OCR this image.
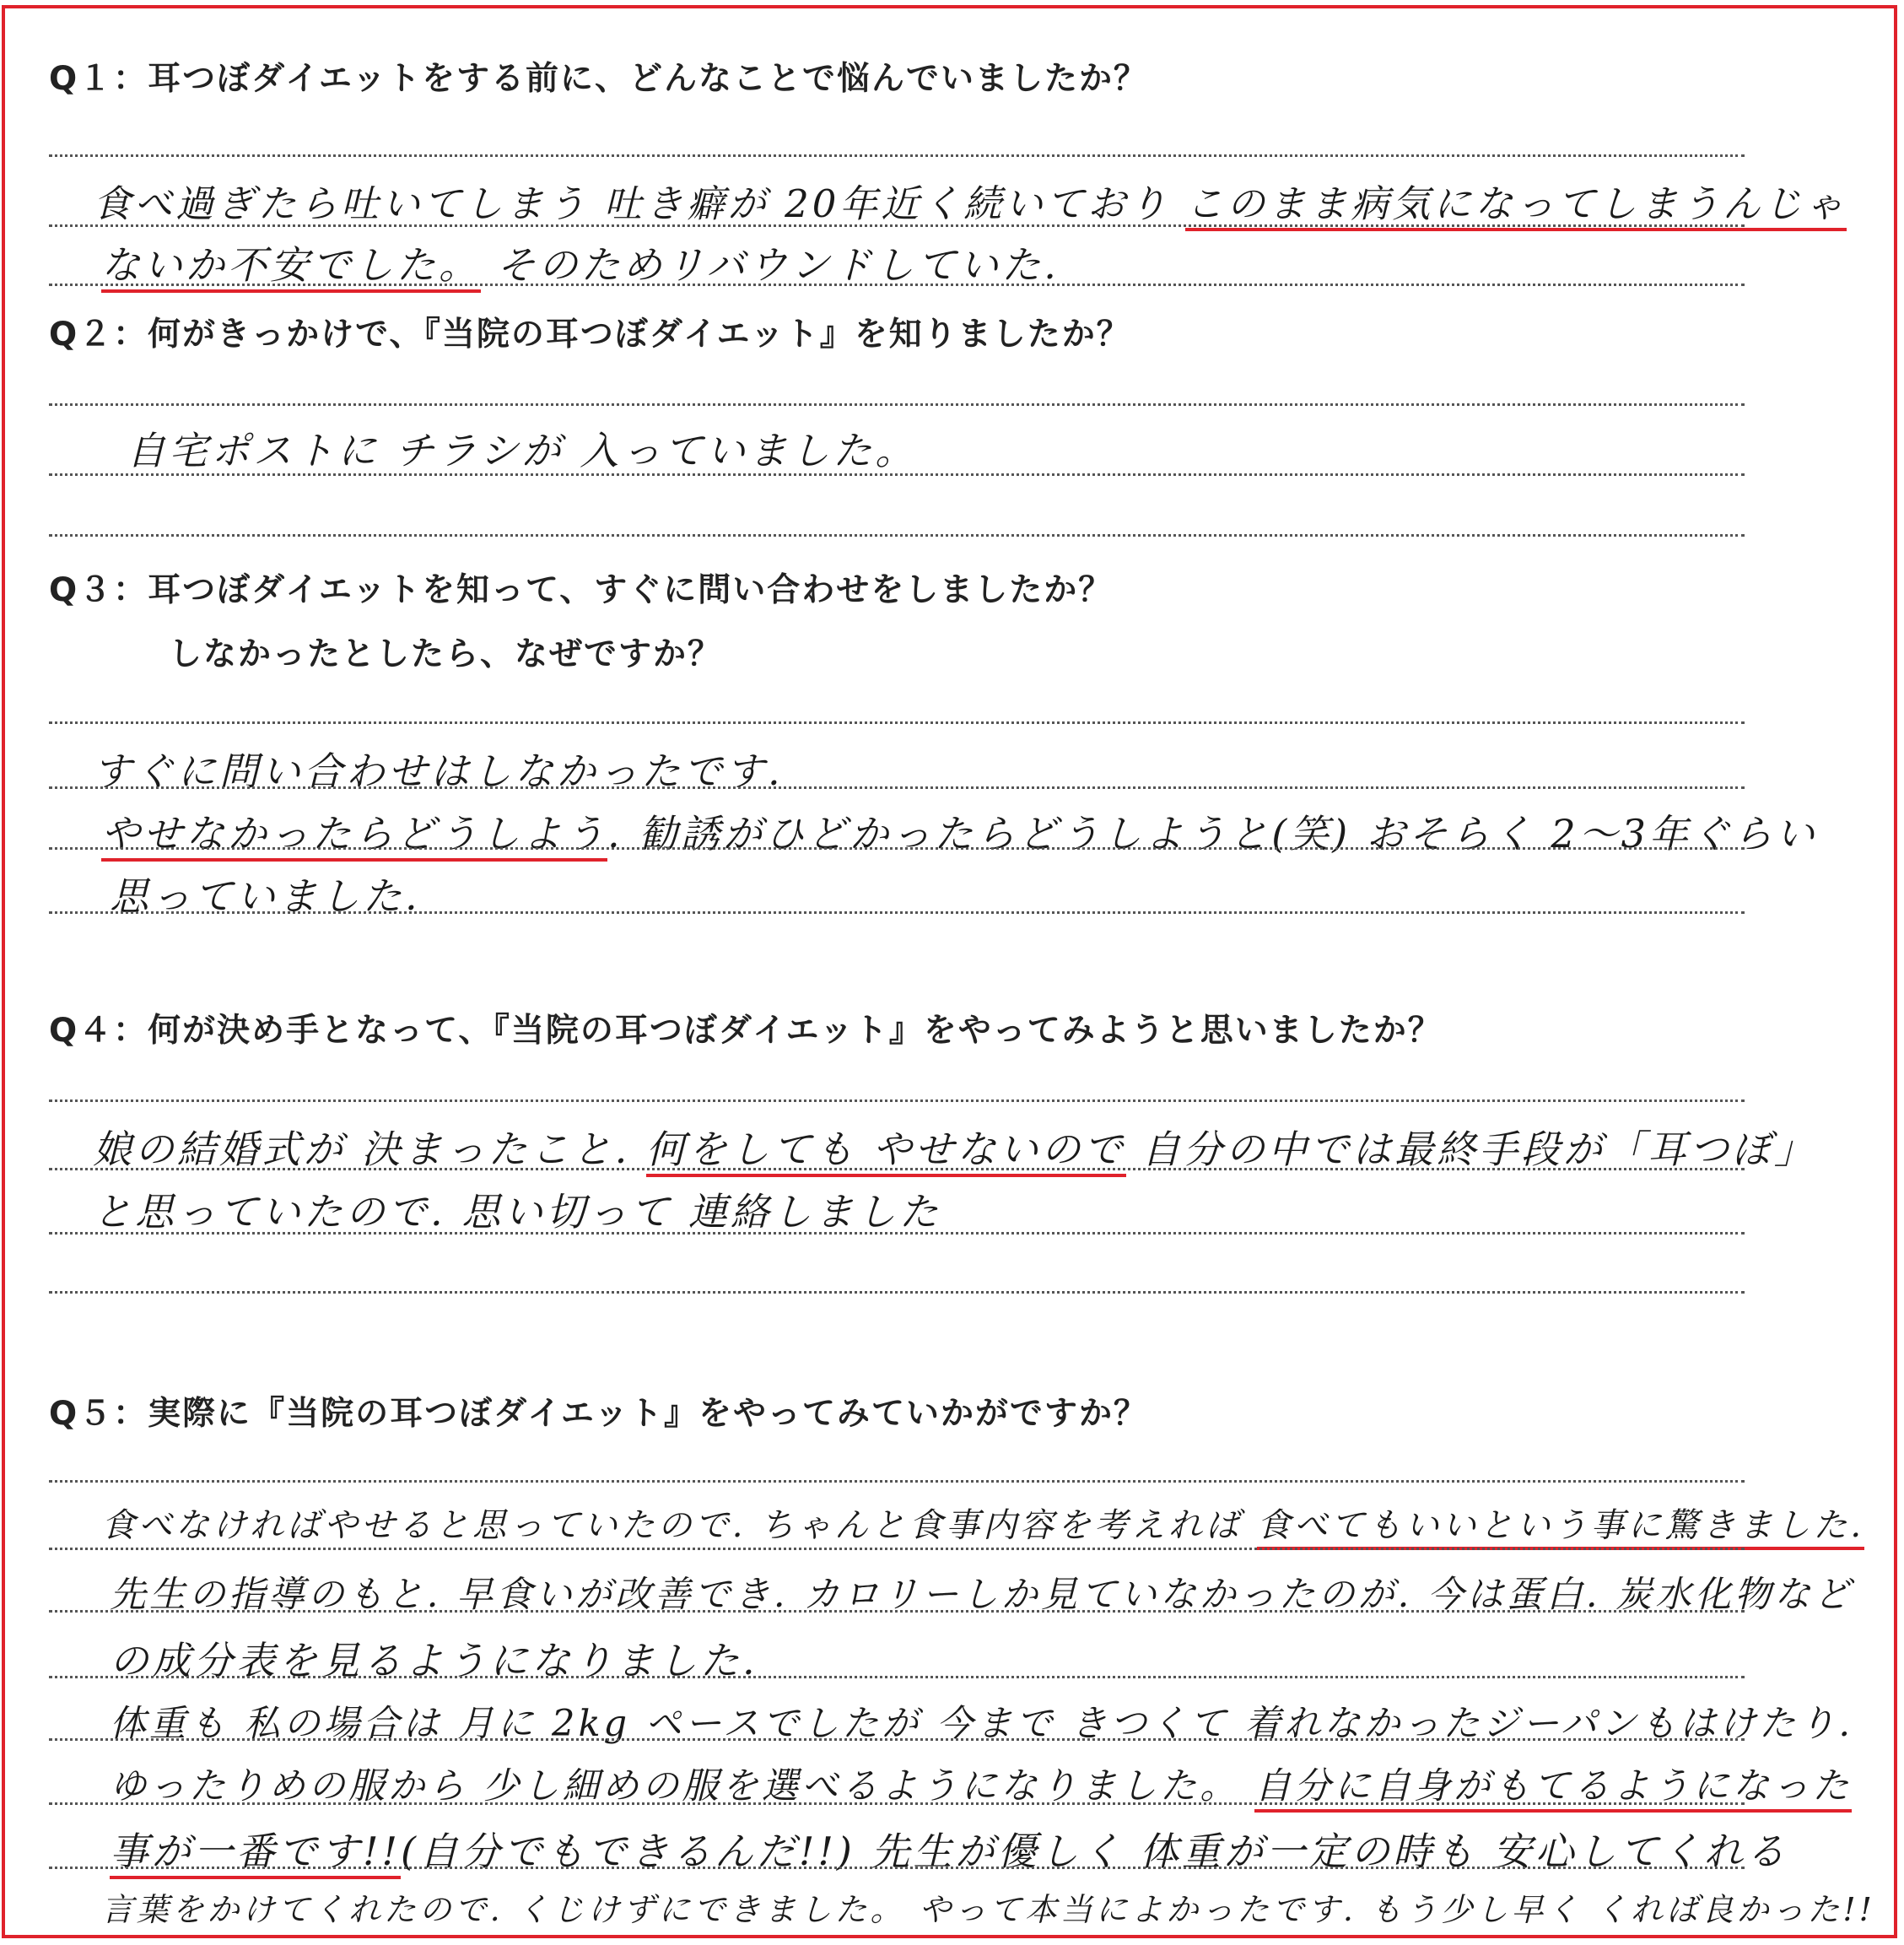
Q１：耳つぼダイエットをする前に、どんなことで悩んでいましたか？
食べ過ぎたら吐いてしまう 吐き癖が 20年近く続いており このまま病気になってしまうんじゃ
ないか不安でした。 そのためリバウンドしていた.
Q２：何がきっかけで、『当院の耳つぼダイエット』を知りましたか？
自宅ポストに チラシが 入っていました。
Q３：耳つぼダイエットを知って、すぐに問い合わせをしましたか？
しなかったとしたら、なぜですか？
すぐに問い合わせはしなかったです.
やせなかったらどうしよう. 勧誘がひどかったらどうしようと(笑) おそらく 2～3年ぐらい
思っていました.
Q４：何が決め手となって、『当院の耳つぼダイエット』をやってみようと思いましたか？
娘の結婚式が 決まったこと. 何をしても やせないので 自分の中では最終手段が「耳つぼ」
と思っていたので. 思い切って 連絡しました
Q５：実際に『当院の耳つぼダイエット』をやってみていかがですか？
食べなければやせると思っていたので. ちゃんと食事内容を考えれば 食べてもいいという事に驚きました.
先生の指導のもと. 早食いが改善でき. カロリーしか見ていなかったのが. 今は蛋白. 炭水化物など
の成分表を見るようになりました.
体重も 私の場合は 月に 2kg ペースでしたが 今まで きつくて 着れなかったジーパンもはけたり.
ゆったりめの服から 少し細めの服を選べるようになりました。 自分に自身がもてるようになった
事が一番です!!(自分でもできるんだ!!) 先生が優しく 体重が一定の時も 安心してくれる
言葉をかけてくれたので. くじけずにできました。 やって本当によかったです. もう少し早く くれば良かった!!
